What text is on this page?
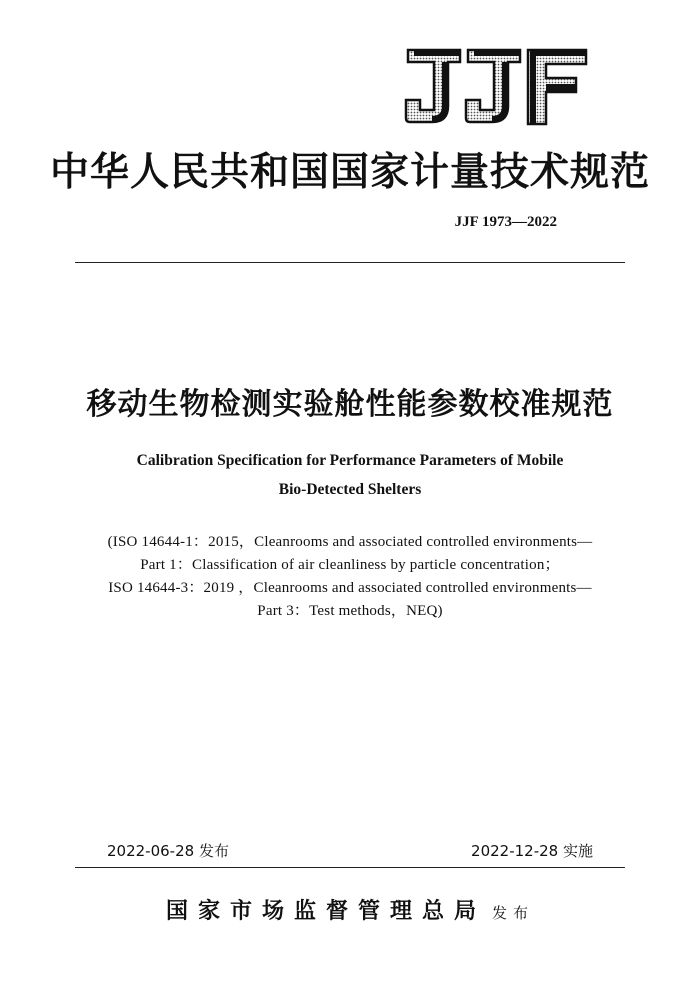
中华人民共和国国家计量技术规范
JJF 1973—2022
移动生物检测实验舱性能参数校准规范
Calibration Specification for Performance Parameters of Mobile
Bio-Detected Shelters
(ISO 14644-1：2015，Cleanrooms and associated controlled environments—
Part 1：Classification of air cleanliness by particle concentration；
ISO 14644-3：2019 ，Cleanrooms and associated controlled environments—
Part 3：Test methods，NEQ)
2022-06-28 发布	2022-12-28 实施
国家市场监督管理总局 发布
